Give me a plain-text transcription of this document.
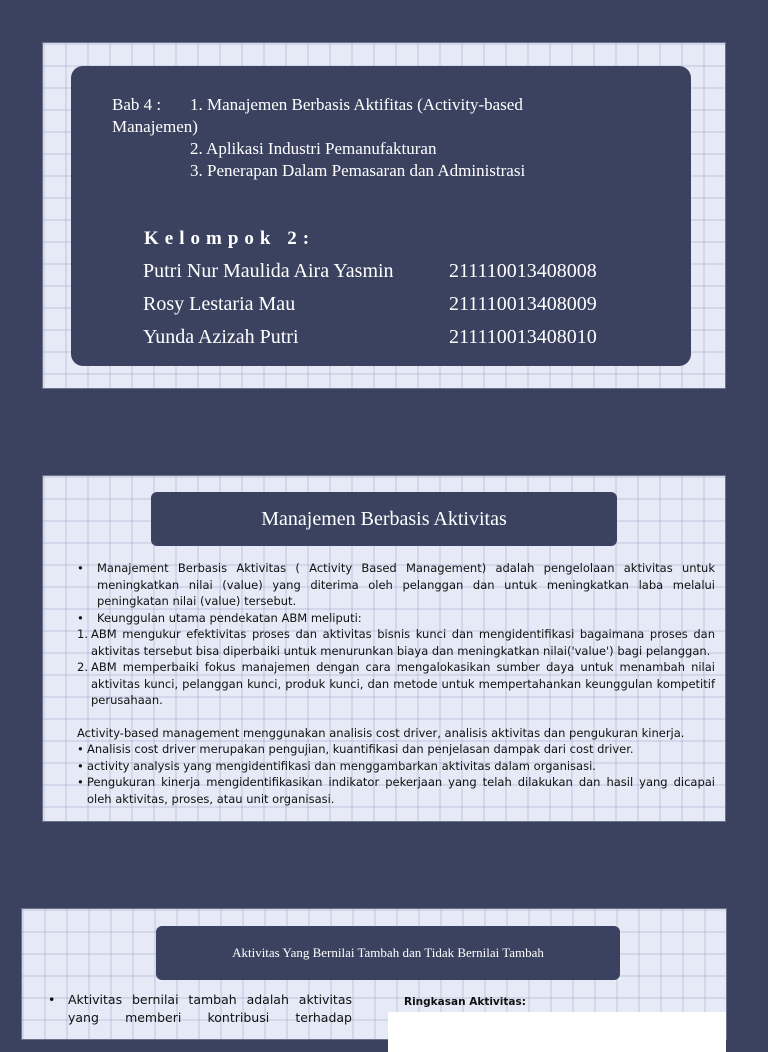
Bab 4 : 1. Manajemen Berbasis Aktifitas (Activity-based
Manajemen)
2. Aplikasi Industri Pemanufakturan
3. Penerapan Dalam Pemasaran dan Administrasi
Kelompok 2:
Putri Nur Maulida Aira Yasmin	211110013408008
Rosy Lestaria Mau	211110013408009
Yunda Azizah Putri	211110013408010
Manajemen Berbasis Aktivitas
• Manajement Berbasis Aktivitas ( Activity Based Management) adalah pengelolaan aktivitas untuk meningkatkan nilai (value) yang diterima oleh pelanggan dan untuk meningkatkan laba melalui peningkatan nilai (value) tersebut.
• Keunggulan utama pendekatan ABM meliputi:
1. ABM mengukur efektivitas proses dan aktivitas bisnis kunci dan mengidentifikasi bagaimana proses dan aktivitas tersebut bisa diperbaiki untuk menurunkan biaya dan meningkatkan nilai('value') bagi pelanggan.
2. ABM memperbaiki fokus manajemen dengan cara mengalokasikan sumber daya untuk menambah nilai aktivitas kunci, pelanggan kunci, produk kunci, dan metode untuk mempertahankan keunggulan kompetitif perusahaan.
Activity-based management menggunakan analisis cost driver, analisis aktivitas dan pengukuran kinerja.
• Analisis cost driver merupakan pengujian, kuantifikasi dan penjelasan dampak dari cost driver.
• activity analysis yang mengidentifikasi dan menggambarkan aktivitas dalam organisasi.
• Pengukuran kinerja mengidentifikasikan indikator pekerjaan yang telah dilakukan dan hasil yang dicapai oleh aktivitas, proses, atau unit organisasi.
Aktivitas Yang Bernilai Tambah dan Tidak Bernilai Tambah
• Aktivitas bernilai tambah adalah aktivitas
yang memberi kontribusi terhadap
Ringkasan Aktivitas:
